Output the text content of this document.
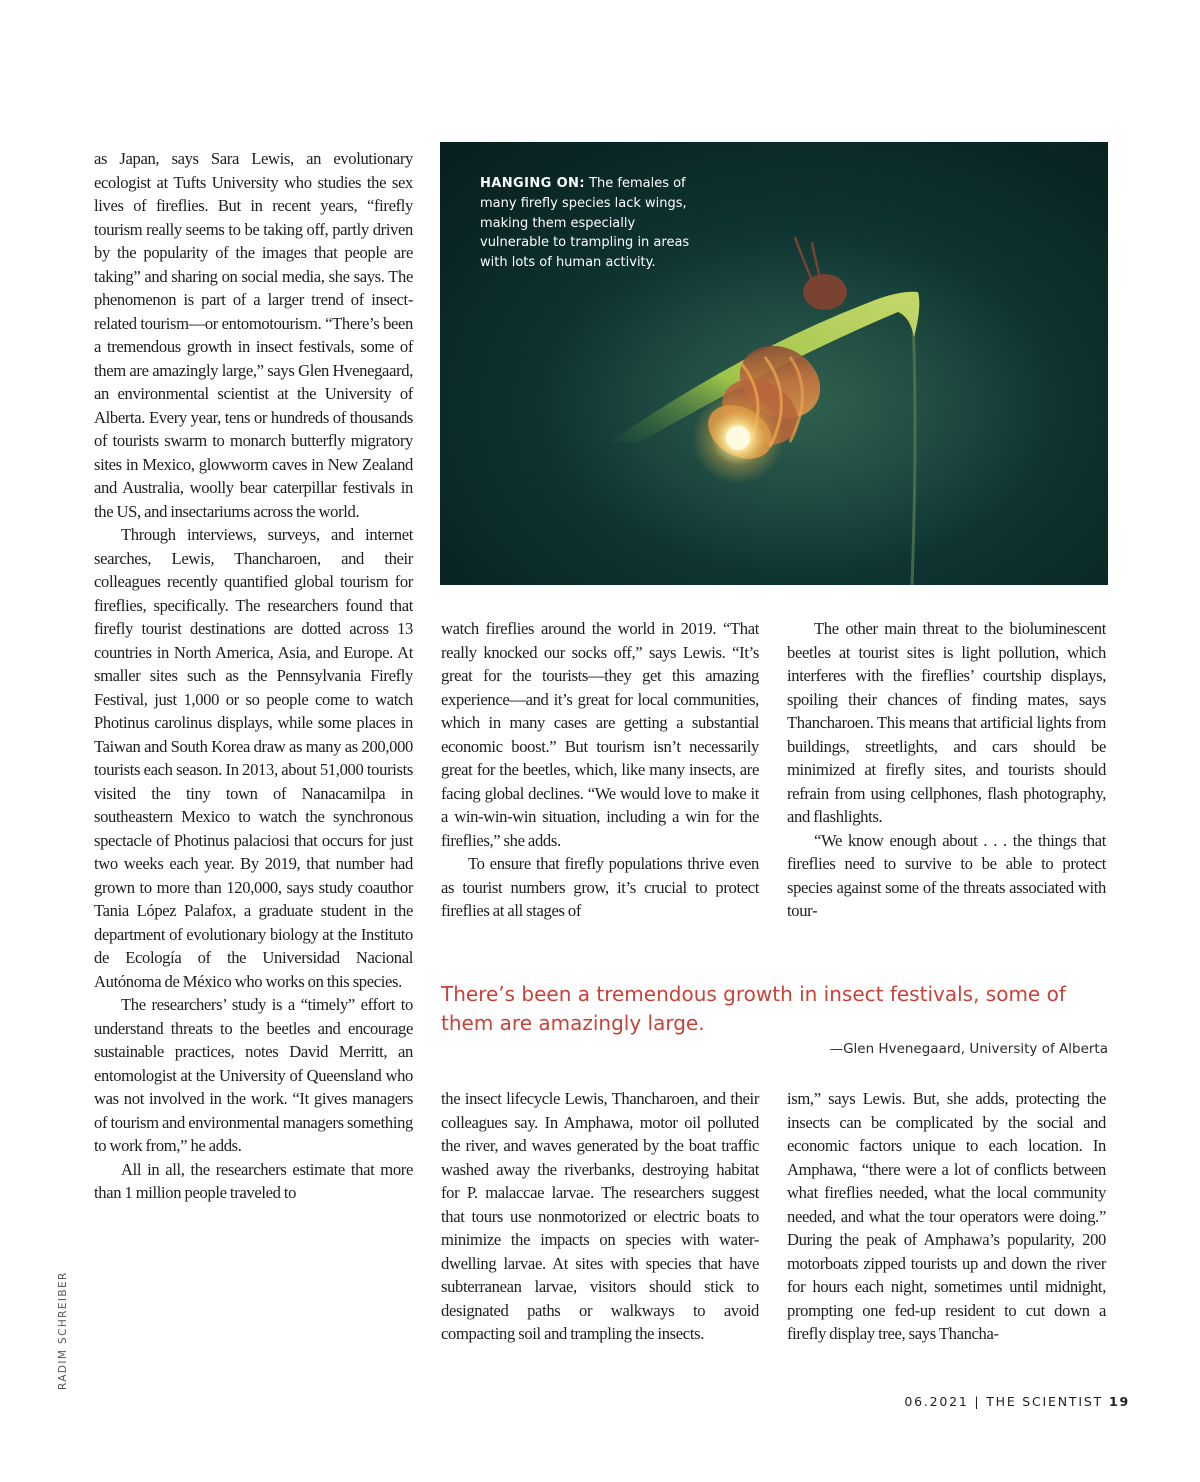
as Japan, says Sara Lewis, an evolutionary ecologist at Tufts University who studies the sex lives of fireflies. But in recent years, “firefly tourism really seems to be taking off, partly driven by the popularity of the images that people are taking” and sharing on social media, she says. The phenomenon is part of a larger trend of insect-related tourism—or entomotourism. “There’s been a tremendous growth in insect festivals, some of them are amazingly large,” says Glen Hvenegaard, an environmental scientist at the University of Alberta. Every year, tens or hundreds of thousands of tourists swarm to monarch butterfly migratory sites in Mexico, glowworm caves in New Zealand and Australia, woolly bear caterpillar festivals in the US, and insectariums across the world.

Through interviews, surveys, and internet searches, Lewis, Thancharoen, and their colleagues recently quantified global tourism for fireflies, specifically. The researchers found that firefly tourist destinations are dotted across 13 countries in North America, Asia, and Europe. At smaller sites such as the Pennsylvania Firefly Festival, just 1,000 or so people come to watch Photinus carolinus displays, while some places in Taiwan and South Korea draw as many as 200,000 tourists each season. In 2013, about 51,000 tourists visited the tiny town of Nanacamilpa in southeastern Mexico to watch the synchronous spectacle of Photinus palaciosi that occurs for just two weeks each year. By 2019, that number had grown to more than 120,000, says study coauthor Tania López Palafox, a graduate student in the department of evolutionary biology at the Instituto de Ecología of the Universidad Nacional Autónoma de México who works on this species.

The researchers’ study is a “timely” effort to understand threats to the beetles and encourage sustainable practices, notes David Merritt, an entomologist at the University of Queensland who was not involved in the work. “It gives managers of tourism and environmental managers something to work from,” he adds.

All in all, the researchers estimate that more than 1 million people traveled to

HANGING ON: The females of many firefly species lack wings, making them especially vulnerable to trampling in areas with lots of human activity.

watch fireflies around the world in 2019. “That really knocked our socks off,” says Lewis. “It’s great for the tourists—they get this amazing experience—and it’s great for local communities, which in many cases are getting a substantial economic boost.” But tourism isn’t necessarily great for the beetles, which, like many insects, are facing global declines. “We would love to make it a win-win-win situation, including a win for the fireflies,” she adds.

To ensure that firefly populations thrive even as tourist numbers grow, it’s crucial to protect fireflies at all stages of

The other main threat to the bioluminescent beetles at tourist sites is light pollution, which interferes with the fireflies’ courtship displays, spoiling their chances of finding mates, says Thancharoen. This means that artificial lights from buildings, streetlights, and cars should be minimized at firefly sites, and tourists should refrain from using cellphones, flash photography, and flashlights.

“We know enough about . . . the things that fireflies need to survive to be able to protect species against some of the threats associated with tour-

There’s been a tremendous growth in insect festivals, some of them are amazingly large.
—Glen Hvenegaard, University of Alberta

the insect lifecycle Lewis, Thancharoen, and their colleagues say. In Amphawa, motor oil polluted the river, and waves generated by the boat traffic washed away the riverbanks, destroying habitat for P. malaccae larvae. The researchers suggest that tours use nonmotorized or electric boats to minimize the impacts on species with water-dwelling larvae. At sites with species that have subterranean larvae, visitors should stick to designated paths or walkways to avoid compacting soil and trampling the insects.

ism,” says Lewis. But, she adds, protecting the insects can be complicated by the social and economic factors unique to each location. In Amphawa, “there were a lot of conflicts between what fireflies needed, what the local community needed, and what the tour operators were doing.” During the peak of Amphawa’s popularity, 200 motorboats zipped tourists up and down the river for hours each night, sometimes until midnight, prompting one fed-up resident to cut down a firefly display tree, says Thancha-

RADIM SCHREIBER
06.2021 | THE SCIENTIST 19
